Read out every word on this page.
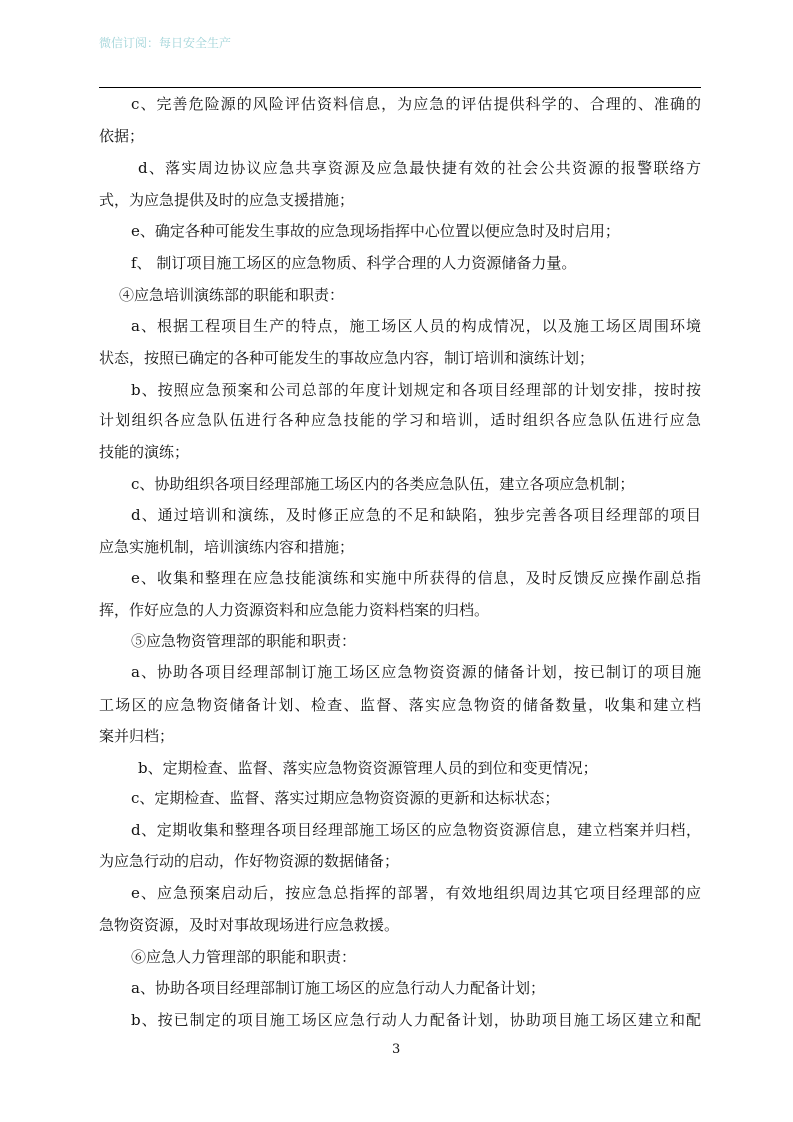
微信订阅：每日安全生产
c、完善危险源的风险评估资料信息，为应急的评估提供科学的、合理的、准确的
依据；
d、落实周边协议应急共享资源及应急最快捷有效的社会公共资源的报警联络方
式，为应急提供及时的应急支援措施；
e、确定各种可能发生事故的应急现场指挥中心位置以便应急时及时启用；
f、 制订项目施工场区的应急物质、科学合理的人力资源储备力量。
④应急培训演练部的职能和职责：
a、根据工程项目生产的特点，施工场区人员的构成情况，以及施工场区周围环境
状态，按照已确定的各种可能发生的事故应急内容，制订培训和演练计划；
b、按照应急预案和公司总部的年度计划规定和各项目经理部的计划安排，按时按
计划组织各应急队伍进行各种应急技能的学习和培训，适时组织各应急队伍进行应急
技能的演练；
c、协助组织各项目经理部施工场区内的各类应急队伍，建立各项应急机制；
d、通过培训和演练，及时修正应急的不足和缺陷，独步完善各项目经理部的项目
应急实施机制，培训演练内容和措施；
e、收集和整理在应急技能演练和实施中所获得的信息，及时反馈反应操作副总指
挥，作好应急的人力资源资料和应急能力资料档案的归档。
⑤应急物资管理部的职能和职责：
a、协助各项目经理部制订施工场区应急物资资源的储备计划，按已制订的项目施
工场区的应急物资储备计划、检查、监督、落实应急物资的储备数量，收集和建立档
案并归档；
b、定期检查、监督、落实应急物资资源管理人员的到位和变更情况；
c、定期检查、监督、落实过期应急物资资源的更新和达标状态；
d、定期收集和整理各项目经理部施工场区的应急物资资源信息，建立档案并归档，
为应急行动的启动，作好物资源的数据储备；
e、应急预案启动后，按应急总指挥的部署，有效地组织周边其它项目经理部的应
急物资资源，及时对事故现场进行应急救援。
⑥应急人力管理部的职能和职责：
a、协助各项目经理部制订施工场区的应急行动人力配备计划；
b、按已制定的项目施工场区应急行动人力配备计划，协助项目施工场区建立和配
3
